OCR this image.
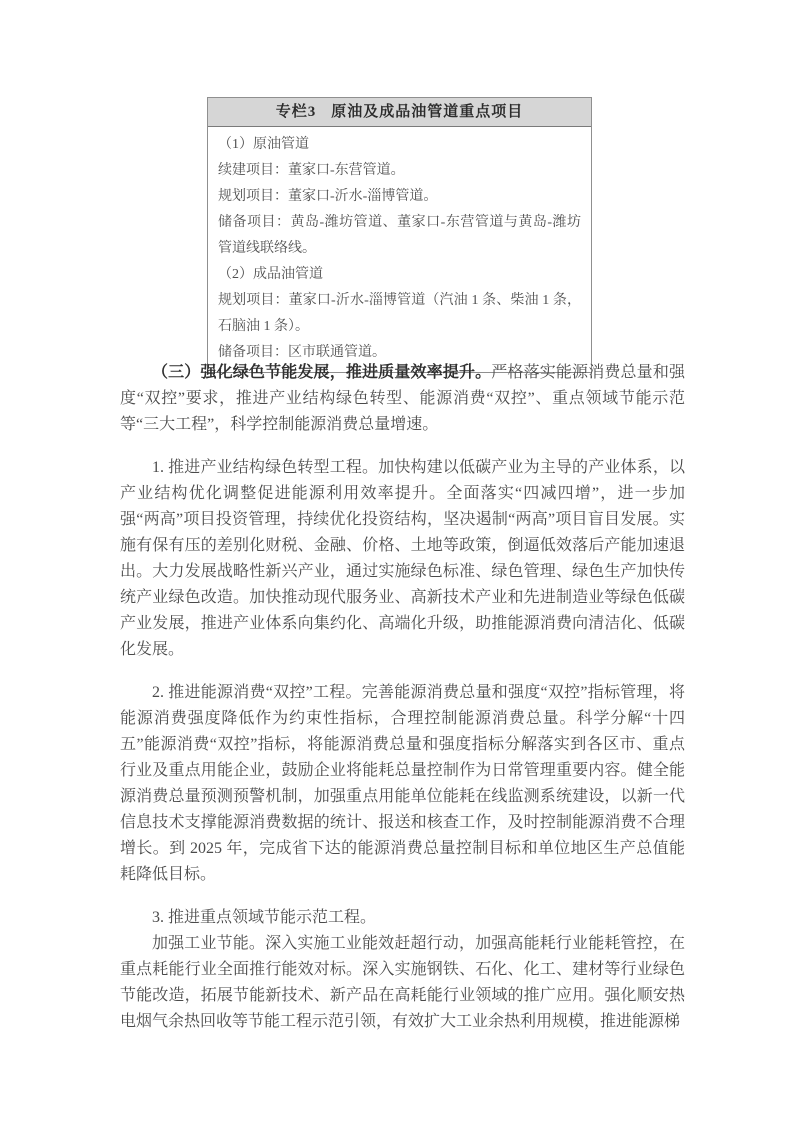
专栏3 原油及成品油管道重点项目
（1）原油管道
续建项目：董家口-东营管道。
规划项目：董家口-沂水-淄博管道。
储备项目：黄岛-潍坊管道、董家口-东营管道与黄岛-潍坊管道线联络线。
（2）成品油管道
规划项目：董家口-沂水-淄博管道（汽油 1 条、柴油 1 条，石脑油 1 条）。
储备项目：区市联通管道。

（三）强化绿色节能发展，推进质量效率提升。严格落实能源消费总量和强度“双控”要求，推进产业结构绿色转型、能源消费“双控”、重点领域节能示范等“三大工程”，科学控制能源消费总量增速。

1. 推进产业结构绿色转型工程。加快构建以低碳产业为主导的产业体系，以产业结构优化调整促进能源利用效率提升。全面落实“四减四增”，进一步加强“两高”项目投资管理，持续优化投资结构，坚决遏制“两高”项目盲目发展。实施有保有压的差别化财税、金融、价格、土地等政策，倒逼低效落后产能加速退出。大力发展战略性新兴产业，通过实施绿色标准、绿色管理、绿色生产加快传统产业绿色改造。加快推动现代服务业、高新技术产业和先进制造业等绿色低碳产业发展，推进产业体系向集约化、高端化升级，助推能源消费向清洁化、低碳化发展。

2. 推进能源消费“双控”工程。完善能源消费总量和强度“双控”指标管理，将能源消费强度降低作为约束性指标，合理控制能源消费总量。科学分解“十四五”能源消费“双控”指标，将能源消费总量和强度指标分解落实到各区市、重点行业及重点用能企业，鼓励企业将能耗总量控制作为日常管理重要内容。健全能源消费总量预测预警机制，加强重点用能单位能耗在线监测系统建设，以新一代信息技术支撑能源消费数据的统计、报送和核查工作，及时控制能源消费不合理增长。到 2025 年，完成省下达的能源消费总量控制目标和单位地区生产总值能耗降低目标。

3. 推进重点领域节能示范工程。

加强工业节能。深入实施工业能效赶超行动，加强高能耗行业能耗管控，在重点耗能行业全面推行能效对标。深入实施钢铁、石化、化工、建材等行业绿色节能改造，拓展节能新技术、新产品在高耗能行业领域的推广应用。强化顺安热电烟气余热回收等节能工程示范引领，有效扩大工业余热利用规模，推进能源梯
